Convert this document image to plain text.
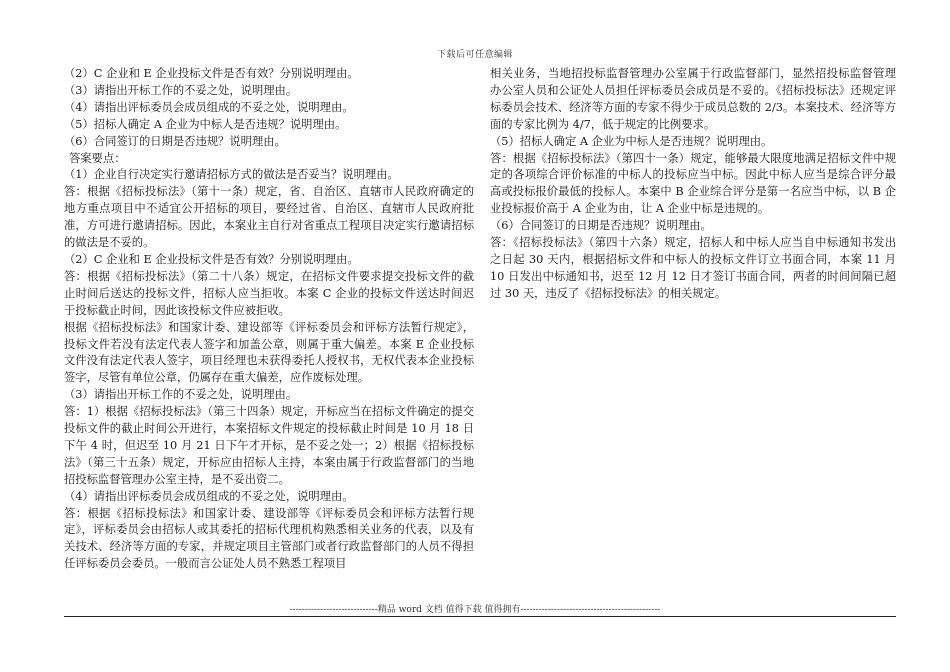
下载后可任意编辑

（2）C 企业和 E 企业投标文件是否有效？分别说明理由。

（3）请指出开标工作的不妥之处，说明理由。

（4）请指出评标委员会成员组成的不妥之处，说明理由。

（5）招标人确定 A 企业为中标人是否违规？说明理由。

（6）合同签订的日期是否违规？说明理由。

答案要点：

（1）企业自行决定实行邀请招标方式的做法是否妥当？说明理由。

答：根据《招标投标法》（第十一条）规定，省、自治区、直辖市人民政府确定的地方重点项目中不适宜公开招标的项目，要经过省、自治区、直辖市人民政府批准，方可进行邀请招标。因此，本案业主自行对省重点工程项目决定实行邀请招标的做法是不妥的。

（2）C 企业和 E 企业投标文件是否有效？分别说明理由。

答：根据《招标投标法》（第二十八条）规定，在招标文件要求提交投标文件的截止时间后送达的投标文件，招标人应当拒收。本案 C 企业的投标文件送达时间迟于投标截止时间，因此该投标文件应被拒收。

根据《招标投标法》和国家计委、建设部等《评标委员会和评标方法暂行规定》，投标文件若没有法定代表人签字和加盖公章，则属于重大偏差。本案 E 企业投标文件没有法定代表人签字，项目经理也未获得委托人授权书，无权代表本企业投标签字，尽管有单位公章，仍属存在重大偏差，应作废标处理。

（3）请指出开标工作的不妥之处，说明理由。

答：1）根据《招标投标法》（第三十四条）规定，开标应当在招标文件确定的提交投标文件的截止时间公开进行，本案招标文件规定的投标截止时间是 10 月 18 日下午 4 时，但迟至 10 月 21 日下午才开标，是不妥之处一；2）根据《招标投标法》（第三十五条）规定，开标应由招标人主持，本案由属于行政监督部门的当地招投标监督管理办公室主持，是不妥出资二。

（4）请指出评标委员会成员组成的不妥之处，说明理由。

答：根据《招标投标法》和国家计委、建设部等《评标委员会和评标方法暂行规定》，评标委员会由招标人或其委托的招标代理机构熟悉相关业务的代表，以及有关技术、经济等方面的专家，并规定项目主管部门或者行政监督部门的人员不得担任评标委员会委员。一般而言公证处人员不熟悉工程项目

相关业务，当地招投标监督管理办公室属于行政监督部门，显然招投标监督管理办公室人员和公证处人员担任评标委员会成员是不妥的。《招标投标法》还规定评标委员会技术、经济等方面的专家不得少于成员总数的 2/3。本案技术、经济等方面的专家比例为 4/7，低于规定的比例要求。

（5）招标人确定 A 企业为中标人是否违规？说明理由。

答：根据《招标投标法》（第四十一条）规定，能够最大限度地满足招标文件中规定的各项综合评价标准的中标人的投标应当中标。因此中标人应当是综合评分最高或投标报价最低的投标人。本案中 B 企业综合评分是第一名应当中标，以 B 企业投标报价高于 A 企业为由，让 A 企业中标是违规的。

（6）合同签订的日期是否违规？说明理由。

答：《招标投标法》（第四十六条）规定，招标人和中标人应当自中标通知书发出之日起 30 天内，根据招标文件和中标人的投标文件订立书面合同，本案 11 月 10 日发出中标通知书，迟至 12 月 12 日才签订书面合同，两者的时间间隔已超过 30 天，违反了《招标投标法》的相关规定。

-----------------------------精品 word 文档 值得下载 值得拥有----------------------------------------------
